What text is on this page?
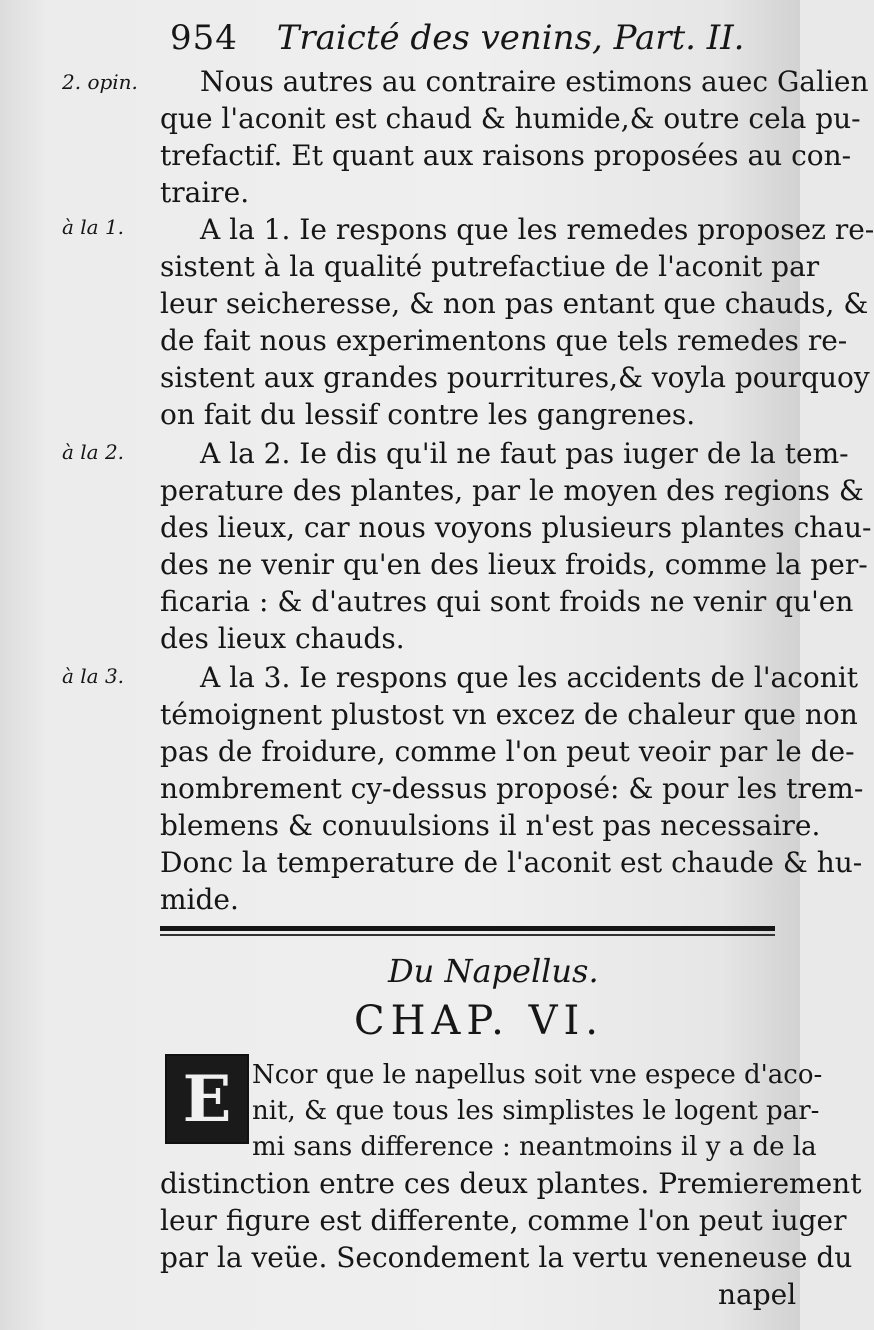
954 Traicté des venins, Part. II.
2. opin.
à la 1.
à la 2.
à la 3.
Nous autres au contraire estimons auec Galien
que l'aconit est chaud & humide,& outre cela pu-
trefactif. Et quant aux raisons proposées au con-
traire.
A la 1. Ie respons que les remedes proposez re-
sistent à la qualité putrefactiue de l'aconit par
leur seicheresse, & non pas entant que chauds, &
de fait nous experimentons que tels remedes re-
sistent aux grandes pourritures,& voyla pourquoy
on fait du lessif contre les gangrenes.
A la 2. Ie dis qu'il ne faut pas iuger de la tem-
perature des plantes, par le moyen des regions &
des lieux, car nous voyons plusieurs plantes chau-
des ne venir qu'en des lieux froids, comme la per-
ficaria : & d'autres qui sont froids ne venir qu'en
des lieux chauds.
A la 3. Ie respons que les accidents de l'aconit
témoignent plustost vn excez de chaleur que non
pas de froidure, comme l'on peut veoir par le de-
nombrement cy-dessus proposé: & pour les trem-
blemens & conuulsions il n'est pas necessaire.
Donc la temperature de l'aconit est chaude & hu-
mide.
Du Napellus.
CHAP. VI.
E Ncor que le napellus soit vne espece d'aco-
nit, & que tous les simplistes le logent par-
mi sans difference : neantmoins il y a de la
distinction entre ces deux plantes. Premierement
leur figure est differente, comme l'on peut iuger
par la veüe. Secondement la vertu veneneuse du
napel
